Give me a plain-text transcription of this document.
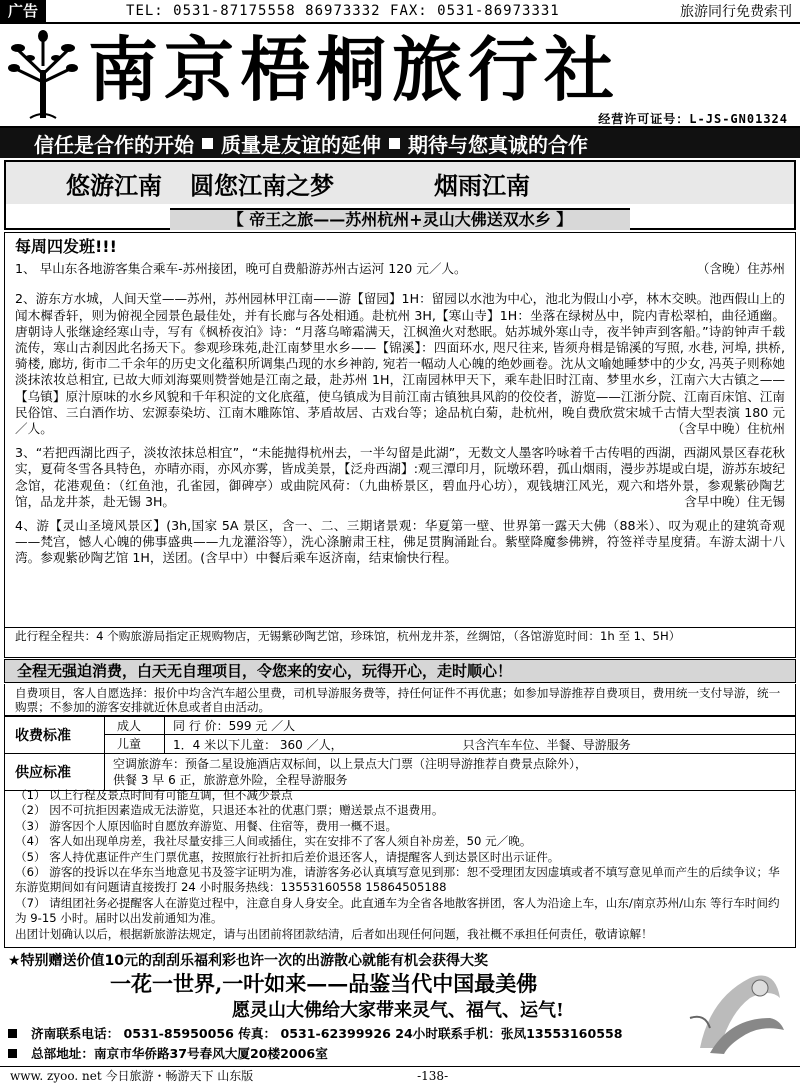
广告	TEL: 0531-87175558 86973332 FAX: 0531-86973331	旅游同行免费索刊
南京梧桐旅行社
经营许可证号：L-JS-GN01324
信任是合作的开始 质量是友谊的延伸 期待与您真诚的合作
悠游江南 圆您江南之梦	烟雨江南
【 帝王之旅——苏州杭州+灵山大佛送双水乡 】
每周四发班!!!
（含晚）住苏州
1、 早山东各地游客集合乘车-苏州接团，晚可自费船游苏州古运河 120 元／人。
2、游东方水城，人间天堂——苏州，苏州园林甲江南——游【留园】1H：留园以水池为中心，池北为假山小亭，林木交映。池西假山上的闻木樨香轩，则为俯视全园景色最佳处，并有长廊与各处相通。赴杭州 3H,【寒山寺】1H：坐落在绿树丛中，院内青松翠柏，曲径通幽。唐朝诗人张继途经寒山寺，写有《枫桥夜泊》诗：“月落乌啼霜满天，江枫渔火对愁眠。姑苏城外寒山寺，夜半钟声到客船。”诗韵钟声千载流传，寒山古刹因此名扬天下。参观珍珠苑,赴江南梦里水乡——【锦溪】：四面环水, 咫尺往来, 皆须舟楫是锦溪的写照, 水巷, 河埠, 拱桥, 骑楼, 廊坊, 街市二千余年的历史文化蕴积所调集凸现的水乡神韵, 宛若一幅动人心魄的绝妙画卷。沈从文喻她睡梦中的少女, 冯英子则称她淡抹浓妆总相宜, 已故大师刘海粟则赞誉她是江南之最，赴苏州 1H，江南园林甲天下，乘车赴旧时江南、梦里水乡，江南六大古镇之——【乌镇】原汁原味的水乡风貌和千年积淀的文化底蕴，使乌镇成为目前江南古镇独具风韵的佼佼者，游览——江浙分院、江南百床馆、江南民俗馆、三白酒作坊、宏源泰染坊、江南木雕陈馆、茅盾故居、古戏台等；途品杭白菊，赴杭州，晚自费欣赏宋城千古情大型表演 180 元／人。	（含早中晚）住杭州
3、“若把西湖比西子，淡妆浓抹总相宜”，“未能抛得杭州去，一半勾留是此湖”，无数文人墨客吟咏着千古传唱的西湖，西湖风景区春花秋实，夏荷冬雪各具特色，亦晴亦雨，亦风亦雾，皆成美景，【泛舟西湖】:观三潭印月，阮墩环碧，孤山烟雨，漫步苏堤或白堤，游苏东坡纪念馆，花港观鱼：（红鱼池，孔雀园，御碑亭）或曲院风荷：（九曲桥景区，碧血丹心坊），观钱塘江风光，观六和塔外景，参观紫砂陶艺馆，品龙井茶，赴无锡 3H。	含早中晚）住无锡
4、游【灵山圣境风景区】(3h,国家 5A 景区，含一、二、三期诸景观：华夏第一壁、世界第一露天大佛（88米）、叹为观止的建筑奇观——梵宫，憾人心魄的佛事盛典——九龙灌浴等），洗心涤腑肃王柱，佛足贯胸涌趾台。紫壁降魔参佛辨，符签祥寺星度猜。车游太湖十八湾。参观紫砂陶艺馆 1H，送团。(含早中）中餐后乘车返济南，结束愉快行程。
此行程全程共：4 个购旅游局指定正规购物店，无锡紫砂陶艺馆，珍珠馆，杭州龙井茶，丝绸馆，（各馆游览时间：1h 至 1、5H）
全程无强迫消费，白天无自理项目，令您来的安心，玩得开心，走时顺心！
自费项目，客人自愿选择：报价中均含汽车超公里费，司机导游服务费等，持任何证件不再优惠；如参加导游推荐自费项目，费用统一支付导游，统一购票；不参加的游客安排就近休息或者自由活动。
收费标准
成人	同 行 价：599 元 ／人
儿童	1．4 米以下儿童： 360 ／人，	只含汽车车位、半餐、导游服务
供应标准
空调旅游车：预备二星设施酒店双标间，以上景点大门票（注明导游推荐自费景点除外），
供餐 3 早 6 正，旅游意外险，全程导游服务
（1） 以上行程及景点时间有可能互调，但不减少景点
（2） 因不可抗拒因素造成无法游览，只退还本社的优惠门票；赠送景点不退费用。
（3） 游客因个人原因临时自愿放弃游览、用餐、住宿等，费用一概不退。
（4） 客人如出现单房差，我社尽量安排三人间或插住，实在安排不了客人须自补房差，50 元／晚。
（5） 客人持优惠证件产生门票优惠，按照旅行社折扣后差价退还客人，请提醒客人到达景区时出示证件。
（6） 游客的投诉以在华东当地意见书及签字证明为准，请游客务必认真填写意见到那：恕不受理团友因虚填或者不填写意见单而产生的后续争议；华东游览期间如有问题请直接拨打 24 小时服务热线：13553160558 15864505188
（7） 请组团社务必提醒客人在游览过程中，注意自身人身安全。此直通车为全省各地散客拼团，客人为沿途上车，山东/南京苏州/山东 等行车时间约为 9-15 小时。届时以出发前通知为准。
出团计划确认以后，根据新旅游法规定，请与出团前将团款结清，后者如出现任何问题，我社概不承担任何责任，敬请谅解！
★特别赠送价值10元的刮刮乐福利彩也许一次的出游散心就能有机会获得大奖
一花一世界,一叶如来——品鉴当代中国最美佛
愿灵山大佛给大家带来灵气、福气、运气!
济南联系电话： 0531-85950056 传真： 0531-62399926 24小时联系手机：张凤13553160558
总部地址：南京市华侨路37号春风大厦20楼2006室
www. zyoo. net 今日旅游・畅游天下 山东版	-138-
